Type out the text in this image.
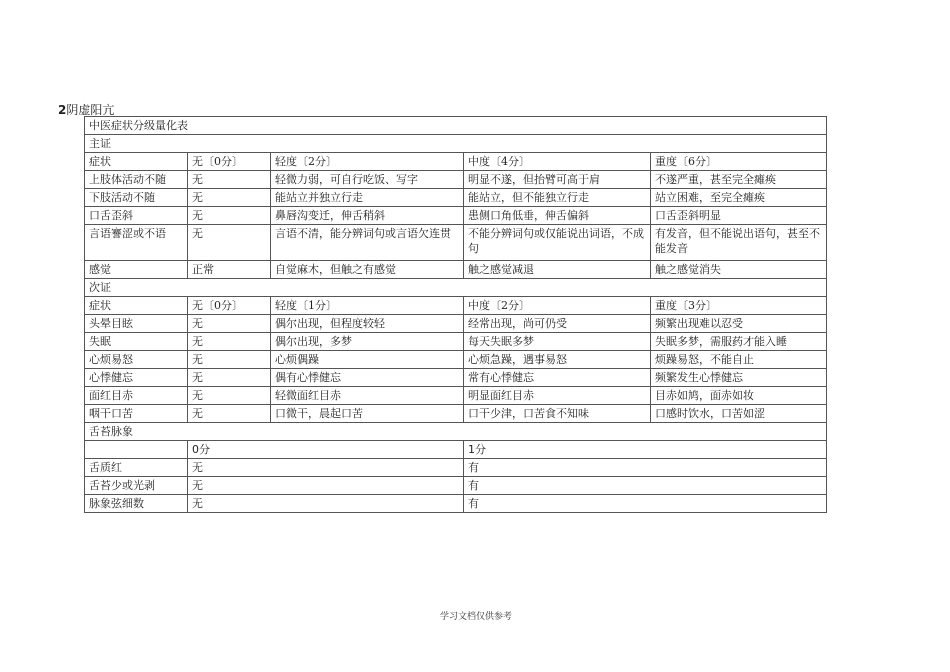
2阴虚阳亢
中医症状分级量化表				
主证				
症状	无〔0分〕	轻度〔2分〕	中度〔4分〕	重度〔6分〕
上肢体活动不随	无	轻微力弱，可自行吃饭、写字	明显不遂，但抬臂可高于肩	不遂严重，甚至完全瘫痪
下肢活动不随	无	能站立并独立行走	能站立，但不能独立行走	站立困难，至完全瘫痪
口舌歪斜	无	鼻唇沟变迁，伸舌稍斜	患侧口角低垂，伸舌偏斜	口舌歪斜明显
言语謇涩或不语	无	言语不清，能分辨词句或言语欠连贯	不能分辨词句或仅能说出词语，不成句	有发音，但不能说出语句，甚至不能发音
感觉	正常	自觉麻木，但触之有感觉	触之感觉减退	触之感觉消失
次证				
症状	无〔0分〕	轻度〔1分〕	中度〔2分〕	重度〔3分〕
头晕目眩	无	偶尔出现，但程度较轻	经常出现，尚可仍受	频繁出现难以忍受
失眠	无	偶尔出现，多梦	每天失眠多梦	失眠多梦，需服药才能入睡
心烦易怒	无	心烦偶躁	心烦急躁，遇事易怒	烦躁易怒，不能自止
心悸健忘	无	偶有心悸健忘	常有心悸健忘	频繁发生心悸健忘
面红目赤	无	轻微面红目赤	明显面红目赤	目赤如鸠，面赤如妆
咽干口苦	无	口微干，晨起口苦	口干少津，口苦食不知味	口感时饮水，口苦如涩
舌苔脉象				
	0分		1分	
舌质红	无		有	
舌苔少或光剥	无		有	
脉象弦细数	无		有	
学习文档仅供参考
